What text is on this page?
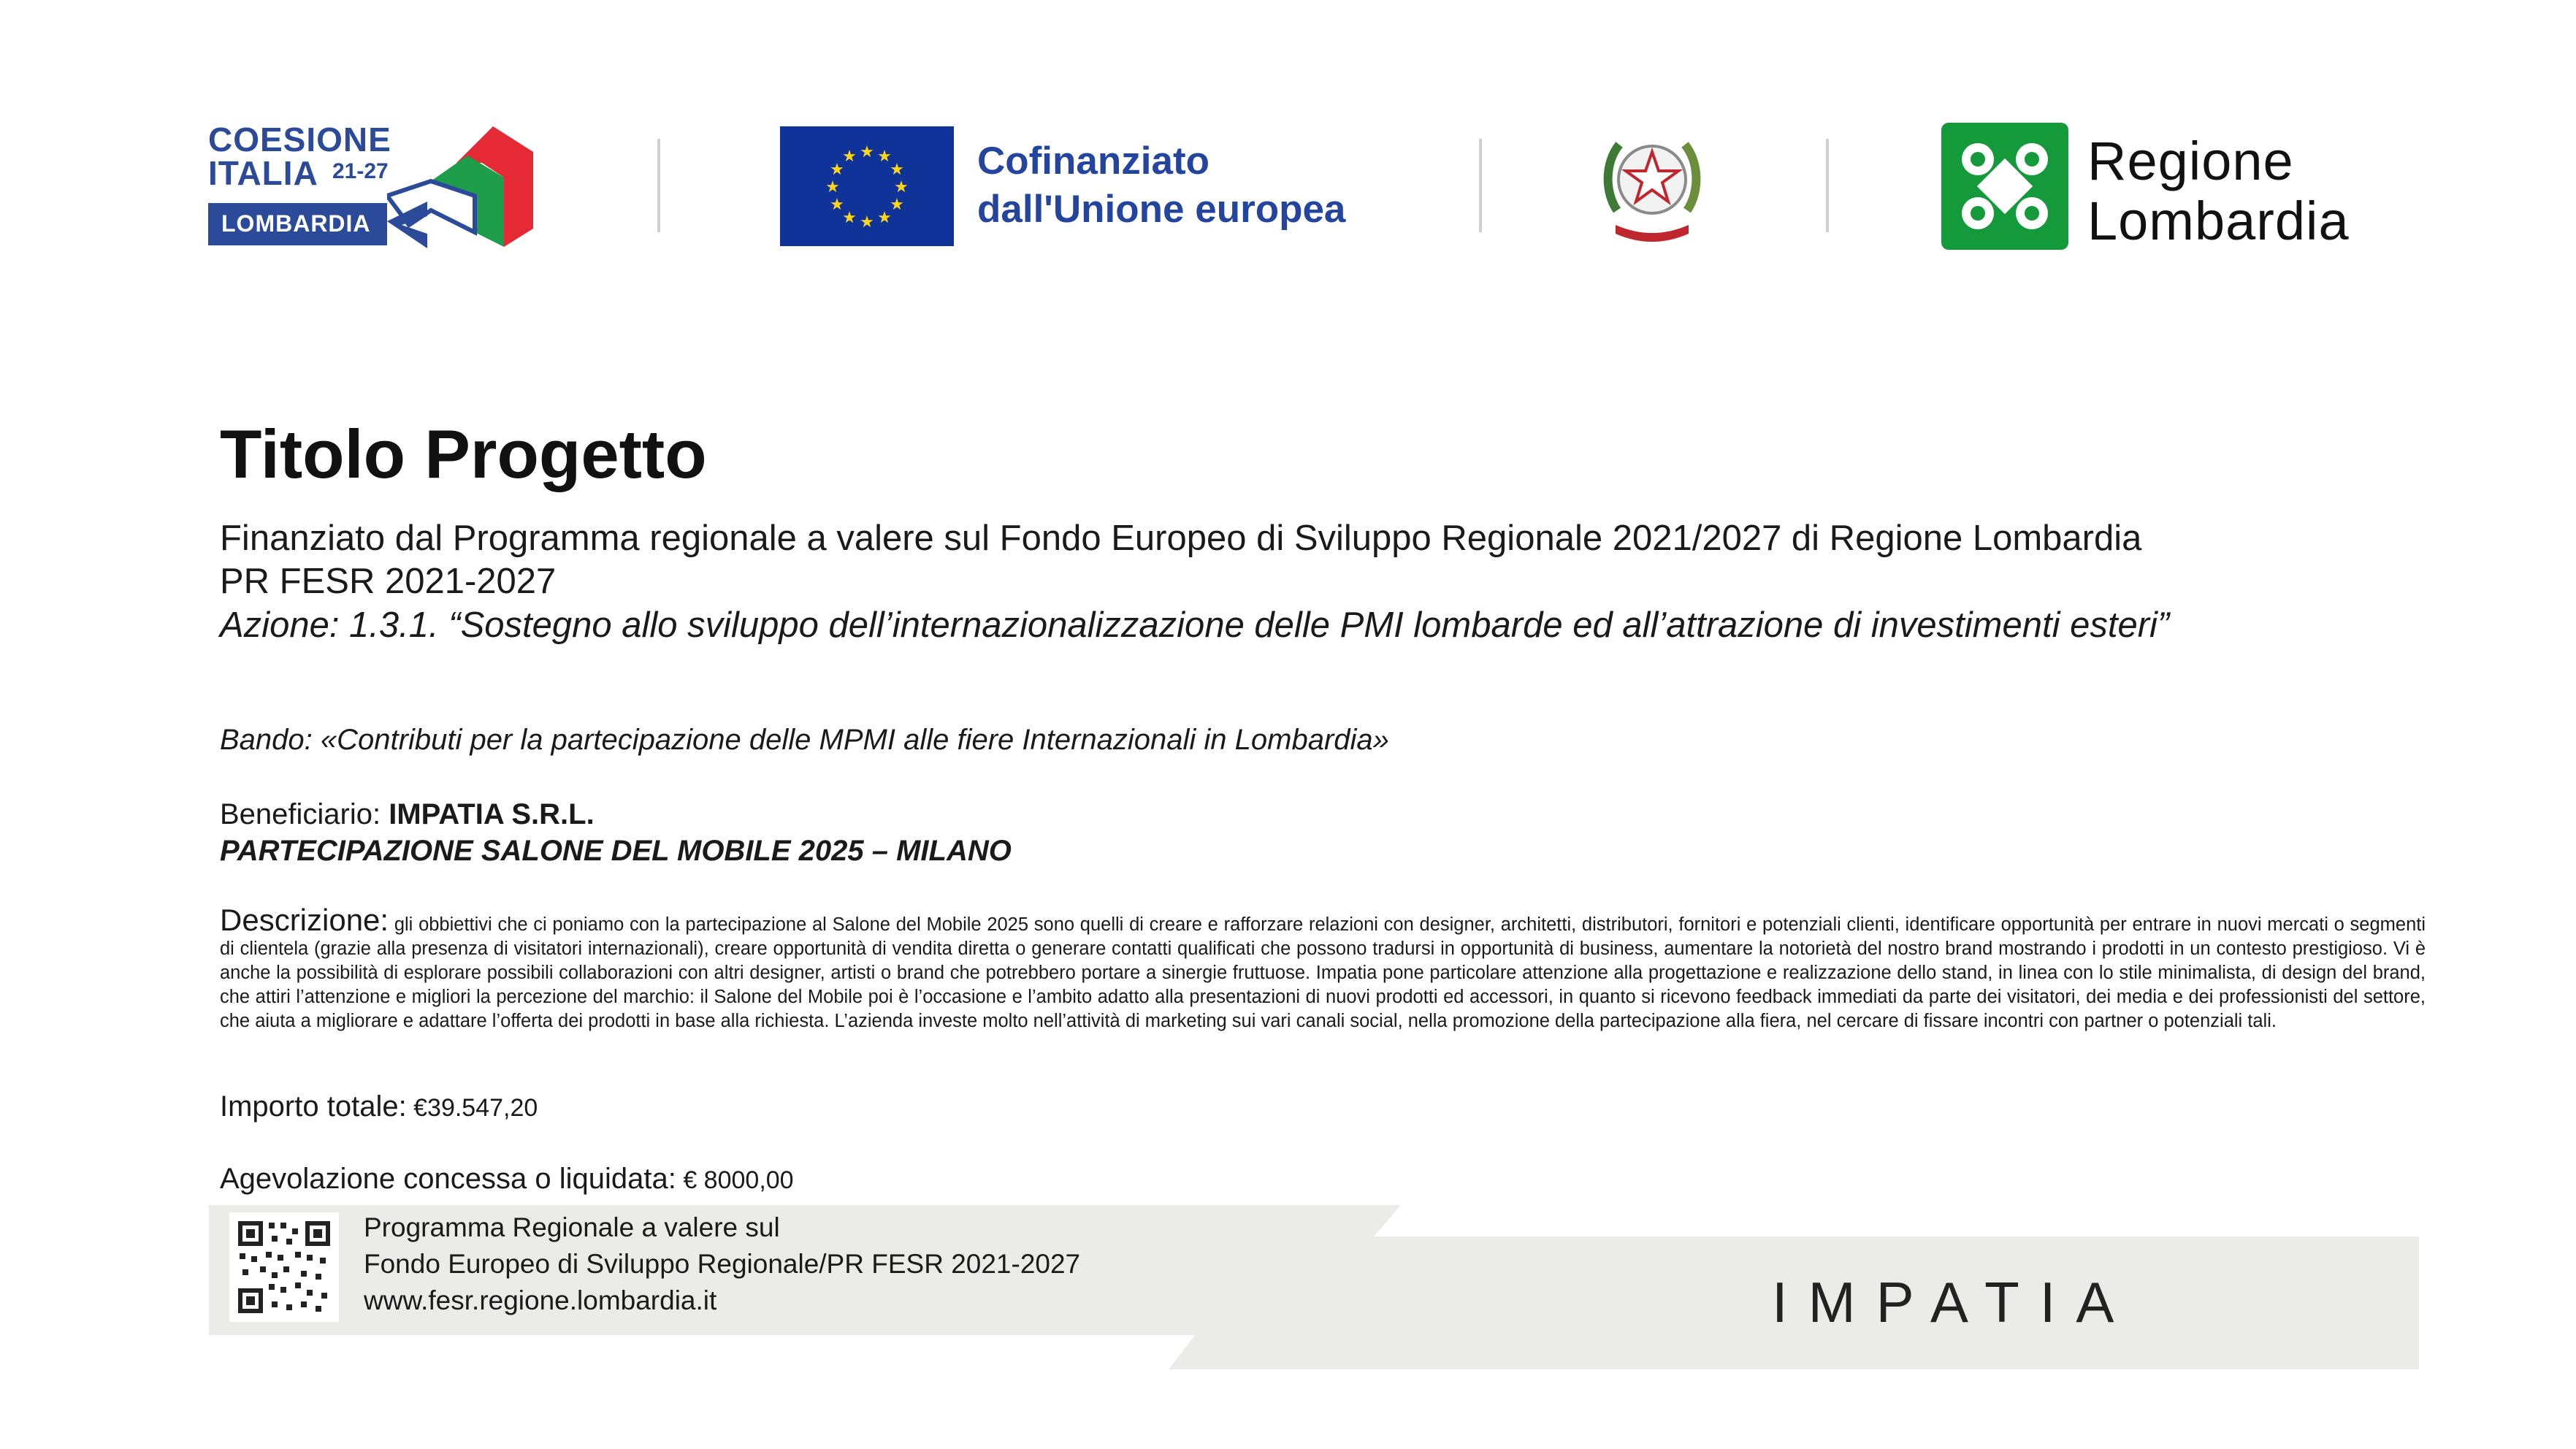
COESIONE
ITALIA 21-27
LOMBARDIA
★ ★
★
★
★
★
★
★
★
★
★
★	Cofinanziato
dall'Unione europea
Regione
Lombardia
Titolo Progetto
Finanziato dal Programma regionale a valere sul Fondo Europeo di Sviluppo Regionale 2021/2027 di Regione Lombardia
PR FESR 2021-2027
Azione: 1.3.1. “Sostegno allo sviluppo dell’internazionalizzazione delle PMI lombarde ed all’attrazione di investimenti esteri”
Bando: «Contributi per la partecipazione delle MPMI alle fiere Internazionali in Lombardia»
Beneficiario: IMPATIA S.R.L.
PARTECIPAZIONE SALONE DEL MOBILE 2025 – MILANO
Descrizione: gli obbiettivi che ci poniamo con la partecipazione al Salone del Mobile 2025 sono quelli di creare e rafforzare relazioni con designer, architetti, distributori, fornitori e potenziali clienti, identificare opportunità per entrare in nuovi mercati o segmenti di clientela (grazie alla presenza di visitatori internazionali), creare opportunità di vendita diretta o generare contatti qualificati che possono tradursi in opportunità di business, aumentare la notorietà del nostro brand mostrando i prodotti in un contesto prestigioso. Vi è anche la possibilità di esplorare possibili collaborazioni con altri designer, artisti o brand che potrebbero portare a sinergie fruttuose. Impatia pone particolare attenzione alla progettazione e realizzazione dello stand, in linea con lo stile minimalista, di design del brand, che attiri l’attenzione e migliori la percezione del marchio: il Salone del Mobile poi è l’occasione e l’ambito adatto alla presentazioni di nuovi prodotti ed accessori, in quanto si ricevono feedback immediati da parte dei visitatori, dei media e dei professionisti del settore, che aiuta a migliorare e adattare l’offerta dei prodotti in base alla richiesta. L’azienda investe molto nell’attività di marketing sui vari canali social, nella promozione della partecipazione alla fiera, nel cercare di fissare incontri con partner o potenziali tali.
Importo totale: €39.547,20
Agevolazione concessa o liquidata: € 8000,00
Programma Regionale a valere sul
Fondo Europeo di Sviluppo Regionale/PR FESR 2021-2027
www.fesr.regione.lombardia.it	IMPATIA
